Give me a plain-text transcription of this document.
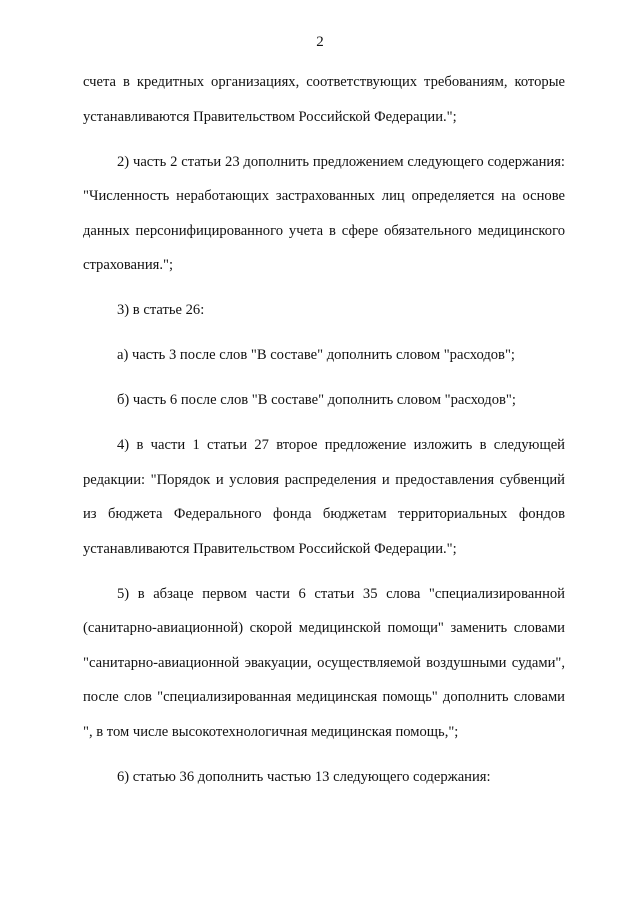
2

счета в кредитных организациях, соответствующих требованиям, которые устанавливаются Правительством Российской Федерации.";

2) часть 2 статьи 23 дополнить предложением следующего содержания: "Численность неработающих застрахованных лиц определяется на основе данных персонифицированного учета в сфере обязательного медицинского страхования.";

3) в статье 26:

а) часть 3 после слов "В составе" дополнить словом "расходов";

б) часть 6 после слов "В составе" дополнить словом "расходов";

4) в части 1 статьи 27 второе предложение изложить в следующей редакции: "Порядок и условия распределения и предоставления субвенций из бюджета Федерального фонда бюджетам территориальных фондов устанавливаются Правительством Российской Федерации.";

5) в абзаце первом части 6 статьи 35 слова "специализированной (санитарно-авиационной) скорой медицинской помощи" заменить словами "санитарно-авиационной эвакуации, осуществляемой воздушными судами", после слов "специализированная медицинская помощь" дополнить словами ", в том числе высокотехнологичная медицинская помощь,";

6) статью 36 дополнить частью 13 следующего содержания:
